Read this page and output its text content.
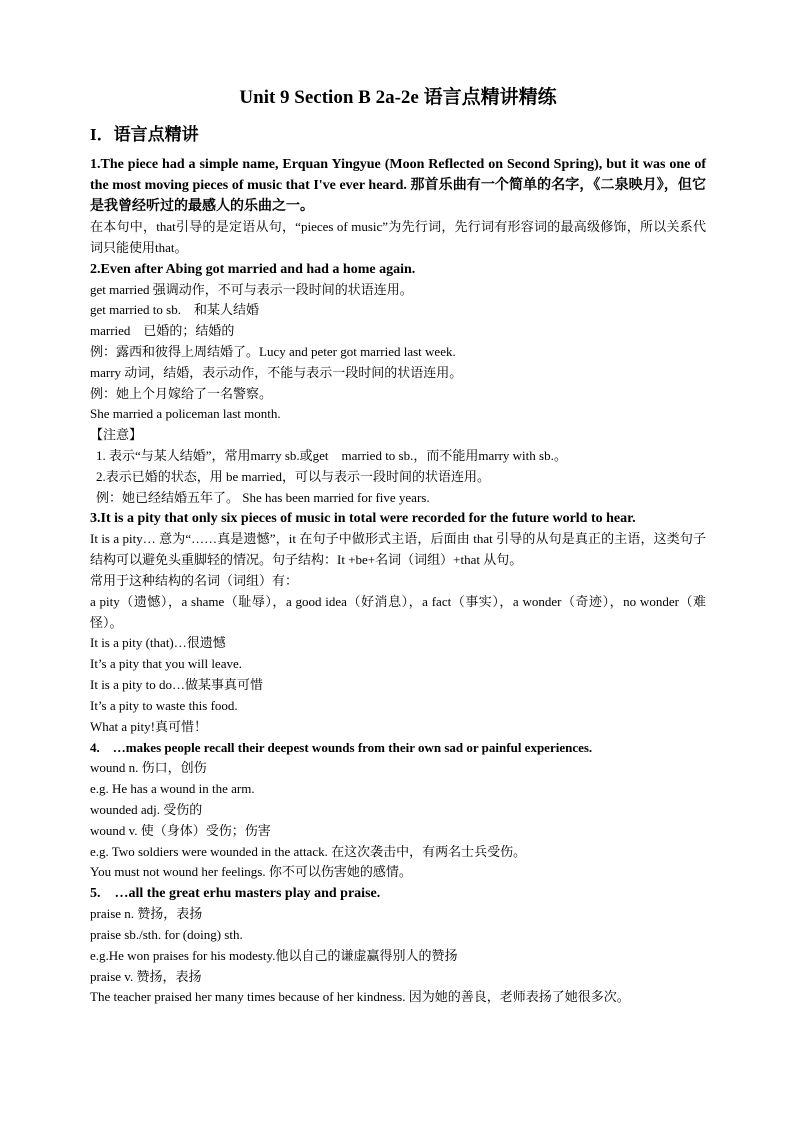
Unit 9 Section B 2a-2e 语言点精讲精练
I．语言点精讲
1.The piece had a simple name, Erquan Yingyue (Moon Reflected on Second Spring), but it was one of the most moving pieces of music that I've ever heard. 那首乐曲有一个简单的名字，《二泉映月》，但它是我曾经听过的最感人的乐曲之一。
在本句中，that引导的是定语从句，“pieces of music”为先行词，先行词有形容词的最高级修饰，所以关系代词只能使用that。
2.Even after Abing got married and had a home again.
get married 强调动作，不可与表示一段时间的状语连用。
get married to sb.　和某人结婚
married　已婚的；结婚的
例：露西和彼得上周结婚了。Lucy and peter got married last week.
marry 动词，结婚，表示动作，不能与表示一段时间的状语连用。
例：她上个月嫁给了一名警察。
She married a policeman last month.
【注意】
1. 表示“与某人结婚”，常用marry sb.或get　married to sb.，而不能用marry with sb.。
2.表示已婚的状态，用 be married，可以与表示一段时间的状语连用。
例：她已经结婚五年了。 She has been married for five years.
3.It is a pity that only six pieces of music in total were recorded for the future world to hear.
It is a pity… 意为“……真是遗憾”，it 在句子中做形式主语，后面由 that 引导的从句是真正的主语，这类句子结构可以避免头重脚轻的情况。句子结构：It +be+名词（词组）+that 从句。
常用于这种结构的名词（词组）有：
a pity（遗憾），a shame（耻辱），a good idea（好消息），a fact（事实），a wonder（奇迹），no wonder（难怪）。
It is a pity (that)…很遗憾
It’s a pity that you will leave.
It is a pity to do…做某事真可惜
It’s a pity to waste this food.
What a pity!真可惜！
4.　…makes people recall their deepest wounds from their own sad or painful experiences.
wound n. 伤口，创伤
e.g. He has a wound in the arm.
wounded adj. 受伤的
wound v. 使（身体）受伤；伤害
e.g. Two soldiers were wounded in the attack. 在这次袭击中，有两名士兵受伤。
You must not wound her feelings. 你不可以伤害她的感情。
5.　…all the great erhu masters play and praise.
praise n. 赞扬，表扬
praise sb./sth. for (doing) sth.
e.g.He won praises for his modesty.他以自己的谦虚赢得别人的赞扬
praise v. 赞扬，表扬
The teacher praised her many times because of her kindness. 因为她的善良，老师表扬了她很多次。
